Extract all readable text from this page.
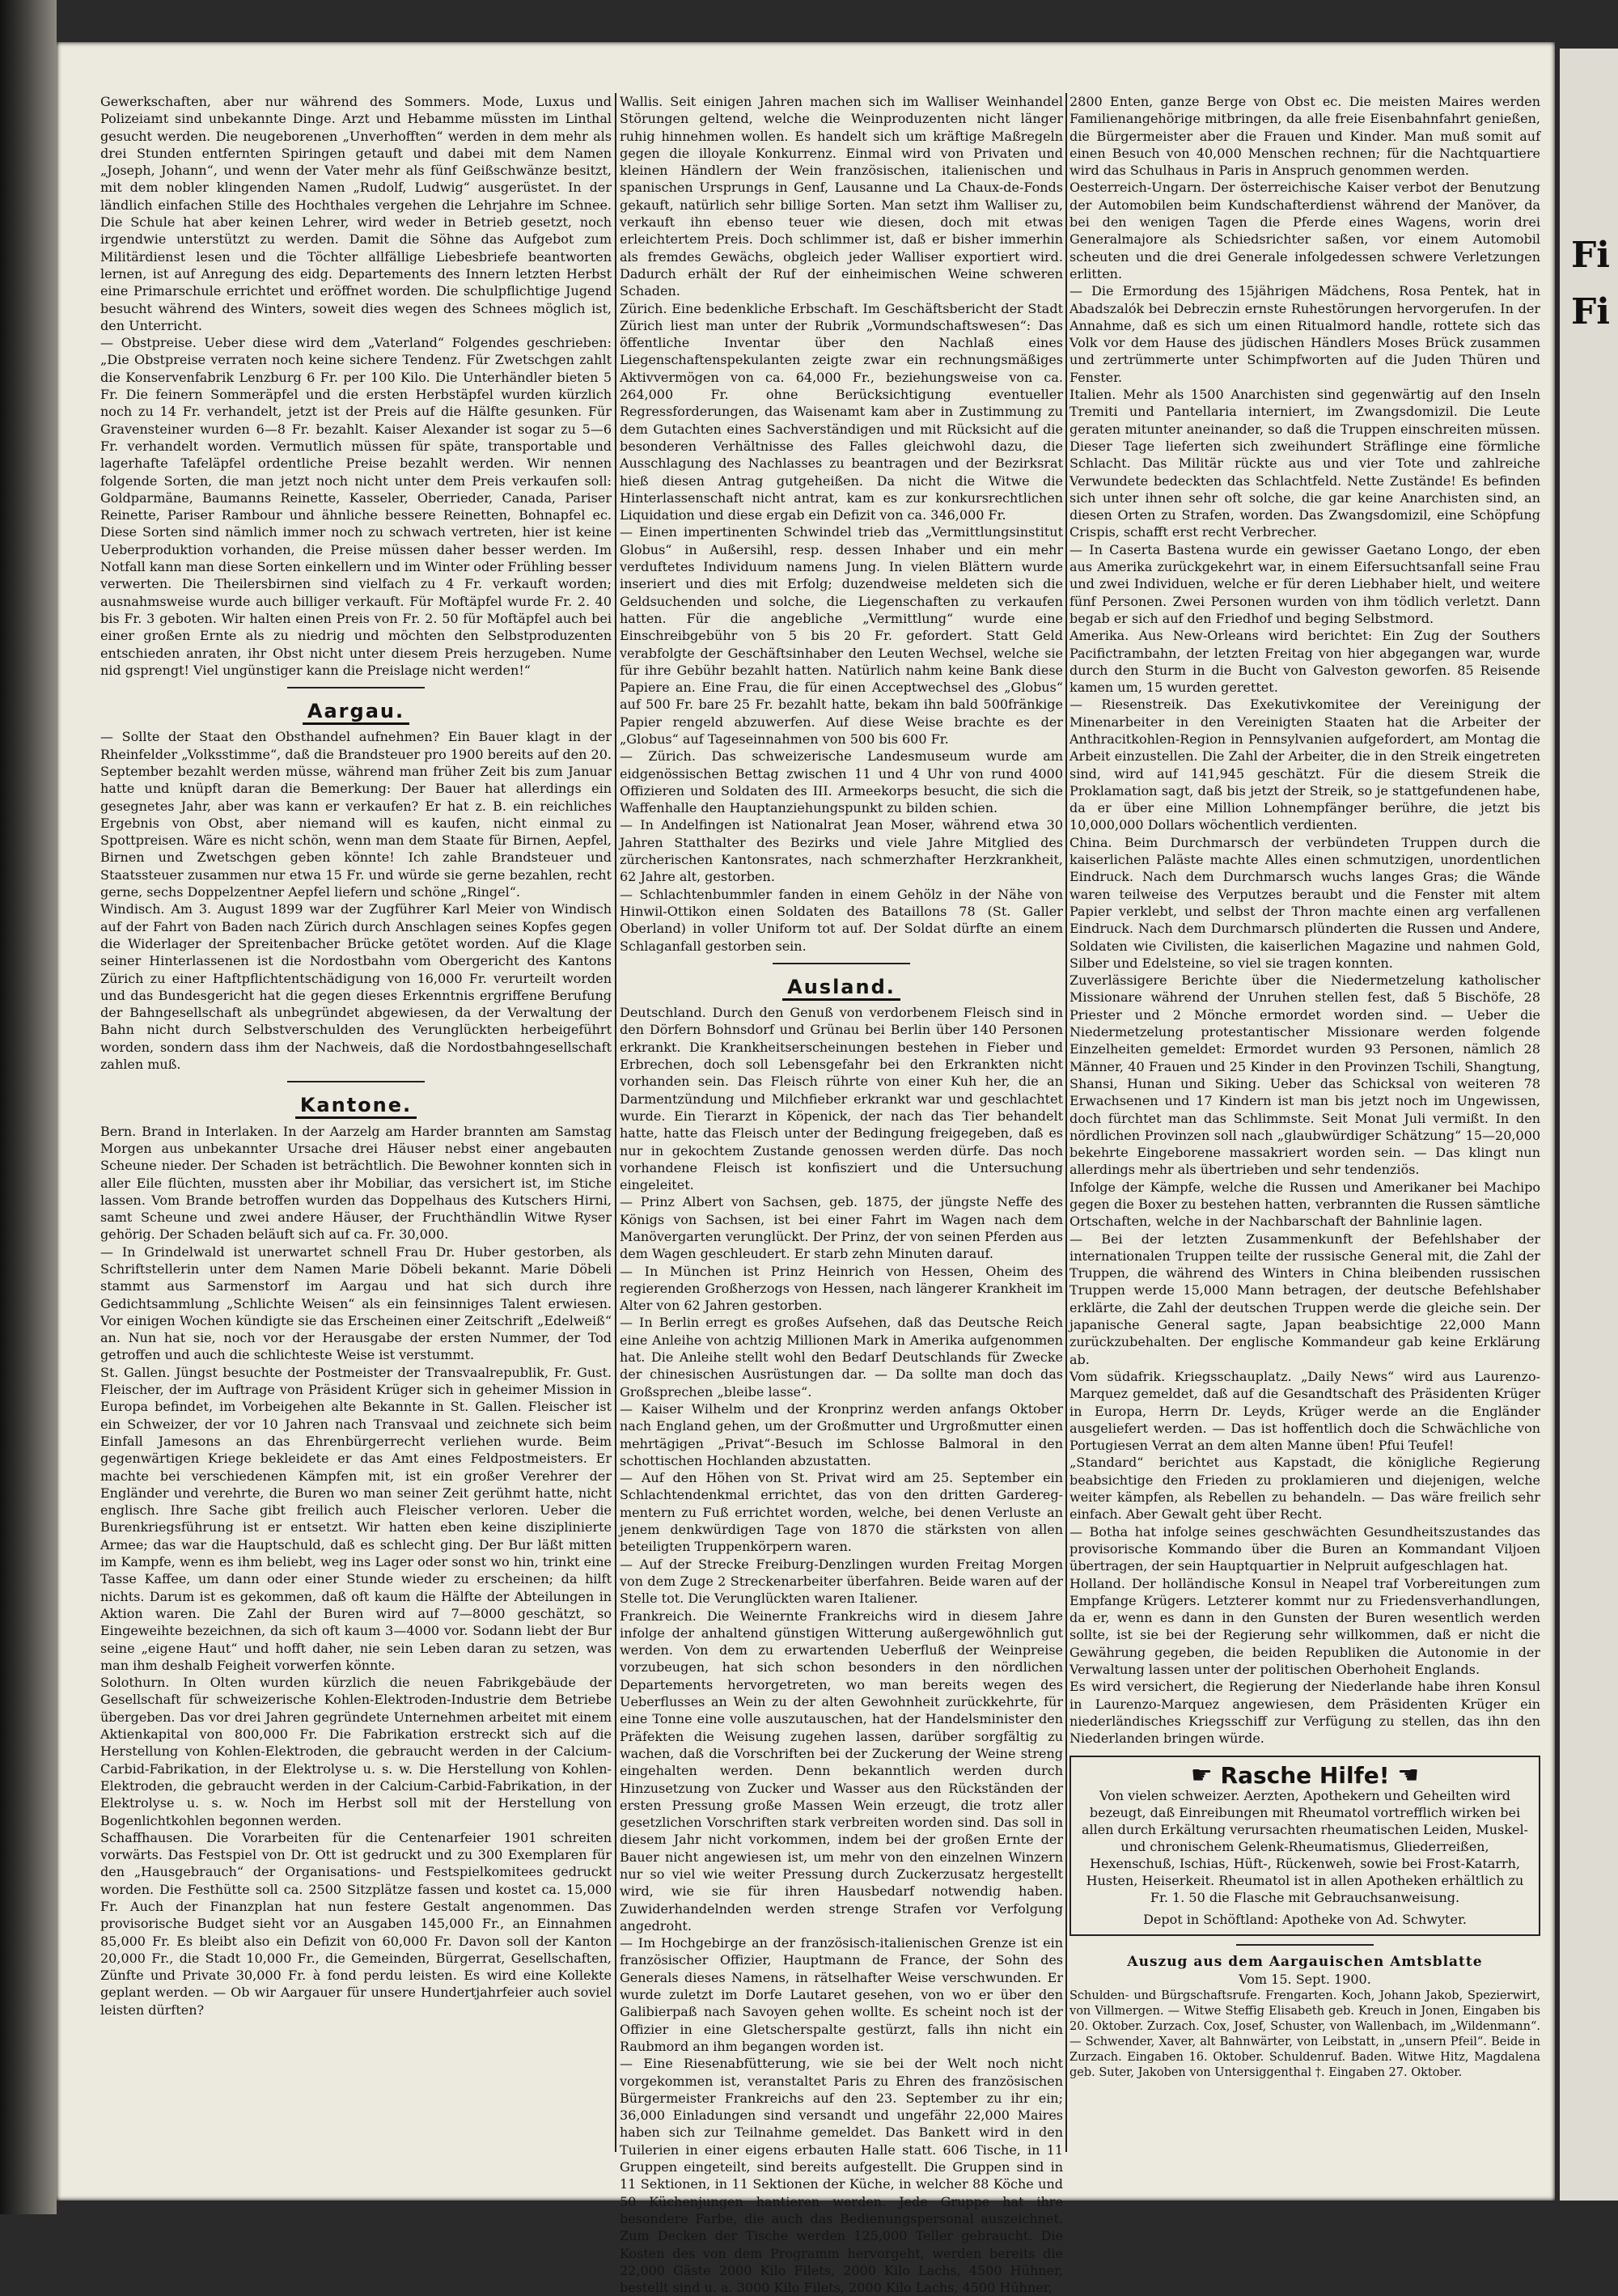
Fi
Fi

Gewerkschaften, aber nur während des Sommers. Mode, Luxus und Polizeiamt sind unbekannte Dinge. Arzt und Hebamme müssten im Linthal gesucht werden. Die neugeborenen „Unverhofften“ werden in dem mehr als drei Stunden entfernten Spiringen getauft und dabei mit dem Namen „Joseph, Johann“, und wenn der Vater mehr als fünf Geißschwänze besitzt, mit dem nobler klingenden Namen „Rudolf, Ludwig“ ausgerüstet. In der ländlich einfachen Stille des Hochthales vergehen die Lehrjahre im Schnee. Die Schule hat aber keinen Lehrer, wird weder in Betrieb gesetzt, noch irgendwie unterstützt zu werden. Damit die Söhne das Aufgebot zum Militärdienst lesen und die Töchter allfällige Liebesbriefe beantworten lernen, ist auf Anregung des eidg. Departements des Innern letzten Herbst eine Primarschule errichtet und eröffnet worden. Die schulpflichtige Jugend besucht während des Winters, soweit dies wegen des Schnees möglich ist, den Unterricht.

— Obstpreise. Ueber diese wird dem „Vaterland“ Folgendes geschrieben: „Die Obstpreise verraten noch keine sichere Tendenz. Für Zwetschgen zahlt die Konservenfabrik Lenzburg 6 Fr. per 100 Kilo. Die Unterhändler bieten 5 Fr. Die feinern Sommeräpfel und die ersten Herbstäpfel wurden kürzlich noch zu 14 Fr. verhandelt, jetzt ist der Preis auf die Hälfte gesunken. Für Gravensteiner wurden 6—8 Fr. bezahlt. Kaiser Alexander ist sogar zu 5—6 Fr. verhandelt worden. Vermutlich müssen für späte, transportable und lagerhafte Tafeläpfel ordentliche Preise bezahlt werden. Wir nennen folgende Sorten, die man jetzt noch nicht unter dem Preis verkaufen soll: Goldparmäne, Baumanns Reinette, Kasseler, Oberrieder, Canada, Pariser Reinette, Pariser Rambour und ähnliche bessere Reinetten, Bohnapfel ec. Diese Sorten sind nämlich immer noch zu schwach vertreten, hier ist keine Ueberproduktion vorhanden, die Preise müssen daher besser werden. Im Notfall kann man diese Sorten einkellern und im Winter oder Frühling besser verwerten. Die Theilersbirnen sind vielfach zu 4 Fr. verkauft worden; ausnahmsweise wurde auch billiger verkauft. Für Moftäpfel wurde Fr. 2. 40 bis Fr. 3 geboten. Wir halten einen Preis von Fr. 2. 50 für Moftäpfel auch bei einer großen Ernte als zu niedrig und möchten den Selbstproduzenten entschieden anraten, ihr Obst nicht unter diesem Preis herzugeben. Nume nid gsprengt! Viel ungünstiger kann die Preislage nicht werden!“

Aargau.

— Sollte der Staat den Obsthandel aufnehmen? Ein Bauer klagt in der Rheinfelder „Volksstimme“, daß die Brandsteuer pro 1900 bereits auf den 20. September bezahlt werden müsse, während man früher Zeit bis zum Januar hatte und knüpft daran die Bemerkung: Der Bauer hat allerdings ein gesegnetes Jahr, aber was kann er verkaufen? Er hat z. B. ein reichliches Ergebnis von Obst, aber niemand will es kaufen, nicht einmal zu Spottpreisen. Wäre es nicht schön, wenn man dem Staate für Birnen, Aepfel, Birnen und Zwetschgen geben könnte! Ich zahle Brandsteuer und Staatssteuer zusammen nur etwa 15 Fr. und würde sie gerne bezahlen, recht gerne, sechs Doppelzentner Aepfel liefern und schöne „Ringel“.

Windisch. Am 3. August 1899 war der Zugführer Karl Meier von Windisch auf der Fahrt von Baden nach Zürich durch Anschlagen seines Kopfes gegen die Widerlager der Spreitenbacher Brücke getötet worden. Auf die Klage seiner Hinterlassenen ist die Nordostbahn vom Obergericht des Kantons Zürich zu einer Haftpflichtentschädigung von 16,000 Fr. verurteilt worden und das Bundesgericht hat die gegen dieses Erkenntnis ergriffene Berufung der Bahngesellschaft als unbegründet abgewiesen, da der Verwaltung der Bahn nicht durch Selbstverschulden des Verunglückten herbeigeführt worden, sondern dass ihm der Nachweis, daß die Nordostbahngesellschaft zahlen muß.

Kantone.

Bern. Brand in Interlaken. In der Aarzelg am Harder brannten am Samstag Morgen aus unbekannter Ursache drei Häuser nebst einer angebauten Scheune nieder. Der Schaden ist beträchtlich. Die Bewohner konnten sich in aller Eile flüchten, mussten aber ihr Mobiliar, das versichert ist, im Stiche lassen. Vom Brande betroffen wurden das Doppelhaus des Kutschers Hirni, samt Scheune und zwei andere Häuser, der Fruchthändlin Witwe Ryser gehörig. Der Schaden beläuft sich auf ca. Fr. 30,000.

— In Grindelwald ist unerwartet schnell Frau Dr. Huber gestorben, als Schriftstellerin unter dem Namen Marie Döbeli bekannt. Marie Döbeli stammt aus Sarmenstorf im Aargau und hat sich durch ihre Gedichtsammlung „Schlichte Weisen“ als ein feinsinniges Talent erwiesen. Vor einigen Wochen kündigte sie das Erscheinen einer Zeitschrift „Edelweiß“ an. Nun hat sie, noch vor der Herausgabe der ersten Nummer, der Tod getroffen und auch die schlichteste Weise ist verstummt.

St. Gallen. Jüngst besuchte der Postmeister der Transvaalrepublik, Fr. Gust. Fleischer, der im Auftrage von Präsident Krüger sich in geheimer Mission in Europa befindet, im Vorbeigehen alte Bekannte in St. Gallen. Fleischer ist ein Schweizer, der vor 10 Jahren nach Transvaal und zeichnete sich beim Einfall Jamesons an das Ehrenbürgerrecht verliehen wurde. Beim gegenwärtigen Kriege bekleidete er das Amt eines Feldpostmeisters. Er machte bei verschiedenen Kämpfen mit, ist ein großer Verehrer der Engländer und verehrte, die Buren wo man seiner Zeit gerühmt hatte, nicht englisch. Ihre Sache gibt freilich auch Fleischer verloren. Ueber die Burenkriegsführung ist er entsetzt. Wir hatten eben keine disziplinierte Armee; das war die Hauptschuld, daß es schlecht ging. Der Bur läßt mitten im Kampfe, wenn es ihm beliebt, weg ins Lager oder sonst wo hin, trinkt eine Tasse Kaffee, um dann oder einer Stunde wieder zu erscheinen; da hilft nichts. Darum ist es gekommen, daß oft kaum die Hälfte der Abteilungen in Aktion waren. Die Zahl der Buren wird auf 7—8000 geschätzt, so Eingeweihte bezeichnen, da sich oft kaum 3—4000 vor. Sodann liebt der Bur seine „eigene Haut“ und hofft daher, nie sein Leben daran zu setzen, was man ihm deshalb Feigheit vorwerfen könnte.

Solothurn. In Olten wurden kürzlich die neuen Fabrikgebäude der Gesellschaft für schweizerische Kohlen-Elektroden-Industrie dem Betriebe übergeben. Das vor drei Jahren gegründete Unternehmen arbeitet mit einem Aktienkapital von 800,000 Fr. Die Fabrikation erstreckt sich auf die Herstellung von Kohlen-Elektroden, die gebraucht werden in der Calcium-Carbid-Fabrikation, in der Elektrolyse u. s. w. Die Herstellung von Kohlen-Elektroden, die gebraucht werden in der Calcium-Carbid-Fabrikation, in der Elektrolyse u. s. w. Noch im Herbst soll mit der Herstellung von Bogenlichtkohlen begonnen werden.

Schaffhausen. Die Vorarbeiten für die Centenarfeier 1901 schreiten vorwärts. Das Festspiel von Dr. Ott ist gedruckt und zu 300 Exemplaren für den „Hausgebrauch“ der Organisations- und Festspielkomitees gedruckt worden. Die Festhütte soll ca. 2500 Sitzplätze fassen und kostet ca. 15,000 Fr. Auch der Finanzplan hat nun festere Gestalt angenommen. Das provisorische Budget sieht vor an Ausgaben 145,000 Fr., an Einnahmen 85,000 Fr. Es bleibt also ein Defizit von 60,000 Fr. Davon soll der Kanton 20,000 Fr., die Stadt 10,000 Fr., die Gemeinden, Bürgerrat, Gesellschaften, Zünfte und Private 30,000 Fr. à fond perdu leisten. Es wird eine Kollekte geplant werden. — Ob wir Aargauer für unsere Hundertjahrfeier auch soviel leisten dürften?

Wallis. Seit einigen Jahren machen sich im Walliser Weinhandel Störungen geltend, welche die Weinproduzenten nicht länger ruhig hinnehmen wollen. Es handelt sich um kräftige Maßregeln gegen die illoyale Konkurrenz. Einmal wird von Privaten und kleinen Händlern der Wein französischen, italienischen und spanischen Ursprungs in Genf, Lausanne und La Chaux-de-Fonds gekauft, natürlich sehr billige Sorten. Man setzt ihm Walliser zu, verkauft ihn ebenso teuer wie diesen, doch mit etwas erleichtertem Preis. Doch schlimmer ist, daß er bisher immerhin als fremdes Gewächs, obgleich jeder Walliser exportiert wird. Dadurch erhält der Ruf der einheimischen Weine schweren Schaden.

Zürich. Eine bedenkliche Erbschaft. Im Geschäftsbericht der Stadt Zürich liest man unter der Rubrik „Vormundschaftswesen“: Das öffentliche Inventar über den Nachlaß eines Liegenschaftenspekulanten zeigte zwar ein rechnungsmäßiges Aktivvermögen von ca. 64,000 Fr., beziehungsweise von ca. 264,000 Fr. ohne Berücksichtigung eventueller Regressforderungen, das Waisenamt kam aber in Zustimmung zu dem Gutachten eines Sachverständigen und mit Rücksicht auf die besonderen Verhältnisse des Falles gleichwohl dazu, die Ausschlagung des Nachlasses zu beantragen und der Bezirksrat hieß diesen Antrag gutgeheißen. Da nicht die Witwe die Hinterlassenschaft nicht antrat, kam es zur konkursrechtlichen Liquidation und diese ergab ein Defizit von ca. 346,000 Fr.

— Einen impertinenten Schwindel trieb das „Vermittlungsinstitut Globus“ in Außersihl, resp. dessen Inhaber und ein mehr verduftetes Individuum namens Jung. In vielen Blättern wurde inseriert und dies mit Erfolg; duzendweise meldeten sich die Geldsuchenden und solche, die Liegenschaften zu verkaufen hatten. Für die angebliche „Vermittlung“ wurde eine Einschreibgebühr von 5 bis 20 Fr. gefordert. Statt Geld verabfolgte der Geschäftsinhaber den Leuten Wechsel, welche sie für ihre Gebühr bezahlt hatten. Natürlich nahm keine Bank diese Papiere an. Eine Frau, die für einen Acceptwechsel des „Globus“ auf 500 Fr. bare 25 Fr. bezahlt hatte, bekam ihn bald 500fränkige Papier rengeld abzuwerfen. Auf diese Weise brachte es der „Globus“ auf Tageseinnahmen von 500 bis 600 Fr.

— Zürich. Das schweizerische Landesmuseum wurde am eidgenössischen Bettag zwischen 11 und 4 Uhr von rund 4000 Offizieren und Soldaten des III. Armeekorps besucht, die sich die Waffenhalle den Hauptanziehungspunkt zu bilden schien.

— In Andelfingen ist Nationalrat Jean Moser, während etwa 30 Jahren Statthalter des Bezirks und viele Jahre Mitglied des zürcherischen Kantonsrates, nach schmerzhafter Herzkrankheit, 62 Jahre alt, gestorben.

— Schlachtenbummler fanden in einem Gehölz in der Nähe von Hinwil-Ottikon einen Soldaten des Bataillons 78 (St. Galler Oberland) in voller Uniform tot auf. Der Soldat dürfte an einem Schlaganfall gestorben sein.

Ausland.

Deutschland. Durch den Genuß von verdorbenem Fleisch sind in den Dörfern Bohnsdorf und Grünau bei Berlin über 140 Personen erkrankt. Die Krankheitserscheinungen bestehen in Fieber und Erbrechen, doch soll Lebensgefahr bei den Erkrankten nicht vorhanden sein. Das Fleisch rührte von einer Kuh her, die an Darmentzündung und Milchfieber erkrankt war und geschlachtet wurde. Ein Tierarzt in Köpenick, der nach das Tier behandelt hatte, hatte das Fleisch unter der Bedingung freigegeben, daß es nur in gekochtem Zustande genossen werden dürfe. Das noch vorhandene Fleisch ist konfisziert und die Untersuchung eingeleitet.

— Prinz Albert von Sachsen, geb. 1875, der jüngste Neffe des Königs von Sachsen, ist bei einer Fahrt im Wagen nach dem Manövergarten verunglückt. Der Prinz, der von seinen Pferden aus dem Wagen geschleudert. Er starb zehn Minuten darauf.

— In München ist Prinz Heinrich von Hessen, Oheim des regierenden Großherzogs von Hessen, nach längerer Krankheit im Alter von 62 Jahren gestorben.

— In Berlin erregt es großes Aufsehen, daß das Deutsche Reich eine Anleihe von achtzig Millionen Mark in Amerika aufgenommen hat. Die Anleihe stellt wohl den Bedarf Deutschlands für Zwecke der chinesischen Ausrüstungen dar. — Da sollte man doch das Großsprechen „bleibe lasse“.

— Kaiser Wilhelm und der Kronprinz werden anfangs Oktober nach England gehen, um der Großmutter und Urgroßmutter einen mehrtägigen „Privat“-Besuch im Schlosse Balmoral in den schottischen Hochlanden abzustatten.

— Auf den Höhen von St. Privat wird am 25. September ein Schlachtendenkmal errichtet, das von den dritten Gardereg-mentern zu Fuß errichtet worden, welche, bei denen Verluste an jenem denkwürdigen Tage von 1870 die stärksten von allen beteiligten Truppenkörpern waren.

— Auf der Strecke Freiburg-Denzlingen wurden Freitag Morgen von dem Zuge 2 Streckenarbeiter überfahren. Beide waren auf der Stelle tot. Die Verunglückten waren Italiener.

Frankreich. Die Weinernte Frankreichs wird in diesem Jahre infolge der anhaltend günstigen Witterung außergewöhnlich gut werden. Von dem zu erwartenden Ueberfluß der Weinpreise vorzubeugen, hat sich schon besonders in den nördlichen Departements hervorgetreten, wo man bereits wegen des Ueberflusses an Wein zu der alten Gewohnheit zurückkehrte, für eine Tonne eine volle auszutauschen, hat der Handelsminister den Präfekten die Weisung zugehen lassen, darüber sorgfältig zu wachen, daß die Vorschriften bei der Zuckerung der Weine streng eingehalten werden. Denn bekanntlich werden durch Hinzusetzung von Zucker und Wasser aus den Rückständen der ersten Pressung große Massen Wein erzeugt, die trotz aller gesetzlichen Vorschriften stark verbreiten worden sind. Das soll in diesem Jahr nicht vorkommen, indem bei der großen Ernte der Bauer nicht angewiesen ist, um mehr von den einzelnen Winzern nur so viel wie weiter Pressung durch Zuckerzusatz hergestellt wird, wie sie für ihren Hausbedarf notwendig haben. Zuwiderhandelnden werden strenge Strafen vor Verfolgung angedroht.

— Im Hochgebirge an der französisch-italienischen Grenze ist ein französischer Offizier, Hauptmann de France, der Sohn des Generals dieses Namens, in rätselhafter Weise verschwunden. Er wurde zuletzt im Dorfe Lautaret gesehen, von wo er über den Galibierpaß nach Savoyen gehen wollte. Es scheint noch ist der Offizier in eine Gletscherspalte gestürzt, falls ihn nicht ein Raubmord an ihm begangen worden ist.

— Eine Riesenabfütterung, wie sie bei der Welt noch nicht vorgekommen ist, veranstaltet Paris zu Ehren des französischen Bürgermeister Frankreichs auf den 23. September zu ihr ein; 36,000 Einladungen sind versandt und ungefähr 22,000 Maires haben sich zur Teilnahme gemeldet. Das Bankett wird in den Tuilerien in einer eigens erbauten Halle statt. 606 Tische, in 11 Gruppen eingeteilt, sind bereits aufgestellt. Die Gruppen sind in 11 Sektionen, in 11 Sektionen der Küche, in welcher 88 Köche und 50 Küchenjungen hantieren werden. Jede Gruppe hat ihre besondere Farbe, die auch das Bedienungspersonal auszeichnet. Zum Decken der Tische werden 125,000 Teller gebraucht. Die Kosten des von dem Programm hervorgeht, werden bereits die 22,000 Gäste 2000 Kilo Filets, 2000 Kilo Lachs, 4500 Hühner, bestellt sind u. a. 3000 Kilo Filets, 2000 Kilo Lachs, 4500 Hühner,

2800 Enten, ganze Berge von Obst ec. Die meisten Maires werden Familienangehörige mitbringen, da alle freie Eisenbahnfahrt genießen, die Bürgermeister aber die Frauen und Kinder. Man muß somit auf einen Besuch von 40,000 Menschen rechnen; für die Nachtquartiere wird das Schulhaus in Paris in Anspruch genommen werden.

Oesterreich-Ungarn. Der österreichische Kaiser verbot der Benutzung der Automobilen beim Kundschafterdienst während der Manöver, da bei den wenigen Tagen die Pferde eines Wagens, worin drei Generalmajore als Schiedsrichter saßen, vor einem Automobil scheuten und die drei Generale infolgedessen schwere Verletzungen erlitten.

— Die Ermordung des 15jährigen Mädchens, Rosa Pentek, hat in Abadszalók bei Debreczin ernste Ruhestörungen hervorgerufen. In der Annahme, daß es sich um einen Ritualmord handle, rottete sich das Volk vor dem Hause des jüdischen Händlers Moses Brück zusammen und zertrümmerte unter Schimpfworten auf die Juden Thüren und Fenster.

Italien. Mehr als 1500 Anarchisten sind gegenwärtig auf den Inseln Tremiti und Pantellaria interniert, im Zwangsdomizil. Die Leute geraten mitunter aneinander, so daß die Truppen einschreiten müssen. Dieser Tage lieferten sich zweihundert Sträflinge eine förmliche Schlacht. Das Militär rückte aus und vier Tote und zahlreiche Verwundete bedeckten das Schlachtfeld. Nette Zustände! Es befinden sich unter ihnen sehr oft solche, die gar keine Anarchisten sind, an diesen Orten zu Strafen, worden. Das Zwangsdomizil, eine Schöpfung Crispis, schafft erst recht Verbrecher.

— In Caserta Bastena wurde ein gewisser Gaetano Longo, der eben aus Amerika zurückgekehrt war, in einem Eifersuchtsanfall seine Frau und zwei Individuen, welche er für deren Liebhaber hielt, und weitere fünf Personen. Zwei Personen wurden von ihm tödlich verletzt. Dann begab er sich auf den Friedhof und beging Selbstmord.

Amerika. Aus New-Orleans wird berichtet: Ein Zug der Southers Pacifictrambahn, der letzten Freitag von hier abgegangen war, wurde durch den Sturm in die Bucht von Galveston geworfen. 85 Reisende kamen um, 15 wurden gerettet.

— Riesenstreik. Das Exekutivkomitee der Vereinigung der Minenarbeiter in den Vereinigten Staaten hat die Arbeiter der Anthracitkohlen-Region in Pennsylvanien aufgefordert, am Montag die Arbeit einzustellen. Die Zahl der Arbeiter, die in den Streik eingetreten sind, wird auf 141,945 geschätzt. Für die diesem Streik die Proklamation sagt, daß bis jetzt der Streik, so je stattgefundenen habe, da er über eine Million Lohnempfänger berühre, die jetzt bis 10,000,000 Dollars wöchentlich verdienten.

China. Beim Durchmarsch der verbündeten Truppen durch die kaiserlichen Paläste machte Alles einen schmutzigen, unordentlichen Eindruck. Nach dem Durchmarsch wuchs langes Gras; die Wände waren teilweise des Verputzes beraubt und die Fenster mit altem Papier verklebt, und selbst der Thron machte einen arg verfallenen Eindruck. Nach dem Durchmarsch plünderten die Russen und Andere, Soldaten wie Civilisten, die kaiserlichen Magazine und nahmen Gold, Silber und Edelsteine, so viel sie tragen konnten.

Zuverlässigere Berichte über die Niedermetzelung katholischer Missionare während der Unruhen stellen fest, daß 5 Bischöfe, 28 Priester und 2 Mönche ermordet worden sind. — Ueber die Niedermetzelung protestantischer Missionare werden folgende Einzelheiten gemeldet: Ermordet wurden 93 Personen, nämlich 28 Männer, 40 Frauen und 25 Kinder in den Provinzen Tschili, Shangtung, Shansi, Hunan und Siking. Ueber das Schicksal von weiteren 78 Erwachsenen und 17 Kindern ist man bis jetzt noch im Ungewissen, doch fürchtet man das Schlimmste. Seit Monat Juli vermißt. In den nördlichen Provinzen soll nach „glaubwürdiger Schätzung“ 15—20,000 bekehrte Eingeborene massakriert worden sein. — Das klingt nun allerdings mehr als übertrieben und sehr tendenziös.

Infolge der Kämpfe, welche die Russen und Amerikaner bei Machipo gegen die Boxer zu bestehen hatten, verbrannten die Russen sämtliche Ortschaften, welche in der Nachbarschaft der Bahnlinie lagen.

— Bei der letzten Zusammenkunft der Befehlshaber der internationalen Truppen teilte der russische General mit, die Zahl der Truppen, die während des Winters in China bleibenden russischen Truppen werde 15,000 Mann betragen, der deutsche Befehlshaber erklärte, die Zahl der deutschen Truppen werde die gleiche sein. Der japanische General sagte, Japan beabsichtige 22,000 Mann zurückzubehalten. Der englische Kommandeur gab keine Erklärung ab.

Vom südafrik. Kriegsschauplatz. „Daily News“ wird aus Laurenzo-Marquez gemeldet, daß auf die Gesandtschaft des Präsidenten Krüger in Europa, Herrn Dr. Leyds, Krüger werde an die Engländer ausgeliefert werden. — Das ist hoffentlich doch die Schwächliche von Portugiesen Verrat an dem alten Manne üben! Pfui Teufel!

„Standard“ berichtet aus Kapstadt, die königliche Regierung beabsichtige den Frieden zu proklamieren und diejenigen, welche weiter kämpfen, als Rebellen zu behandeln. — Das wäre freilich sehr einfach. Aber Gewalt geht über Recht.

— Botha hat infolge seines geschwächten Gesundheitszustandes das provisorische Kommando über die Buren an Kommandant Viljoen übertragen, der sein Hauptquartier in Nelpruit aufgeschlagen hat.

Holland. Der holländische Konsul in Neapel traf Vorbereitungen zum Empfange Krügers. Letzterer kommt nur zu Friedensverhandlungen, da er, wenn es dann in den Gunsten der Buren wesentlich werden sollte, ist sie bei der Regierung sehr willkommen, daß er nicht die Gewährung gegeben, die beiden Republiken die Autonomie in der Verwaltung lassen unter der politischen Oberhoheit Englands.

Es wird versichert, die Regierung der Niederlande habe ihren Konsul in Laurenzo-Marquez angewiesen, dem Präsidenten Krüger ein niederländisches Kriegsschiff zur Verfügung zu stellen, das ihn den Niederlanden bringen würde.

☛ Rasche Hilfe! ☚
Von vielen schweizer. Aerzten, Apothekern und Geheilten wird bezeugt, daß Einreibungen mit Rheumatol vortrefflich wirken bei allen durch Erkältung verursachten rheumatischen Leiden, Muskel- und chronischem Gelenk-Rheumatismus, Gliederreißen, Hexenschuß, Ischias, Hüft-, Rückenweh, sowie bei Frost-Katarrh, Husten, Heiserkeit. Rheumatol ist in allen Apotheken erhältlich zu Fr. 1. 50 die Flasche mit Gebrauchsanweisung.
Depot in Schöftland: Apotheke von Ad. Schwyter.
Auszug aus dem Aargauischen Amtsblatte
Vom 15. Sept. 1900.

Schulden- und Bürgschaftsrufe. Frengarten. Koch, Johann Jakob, Spezierwirt, von Villmergen. — Witwe Steffig Elisabeth geb. Kreuch in Jonen, Eingaben bis 20. Oktober. Zurzach. Cox, Josef, Schuster, von Wallenbach, im „Wildenmann“. — Schwender, Xaver, alt Bahnwärter, von Leibstatt, in „unsern Pfeil“. Beide in Zurzach. Eingaben 16. Oktober. Schuldenruf. Baden. Witwe Hitz, Magdalena geb. Suter, Jakoben von Untersiggenthal †. Eingaben 27. Oktober.
